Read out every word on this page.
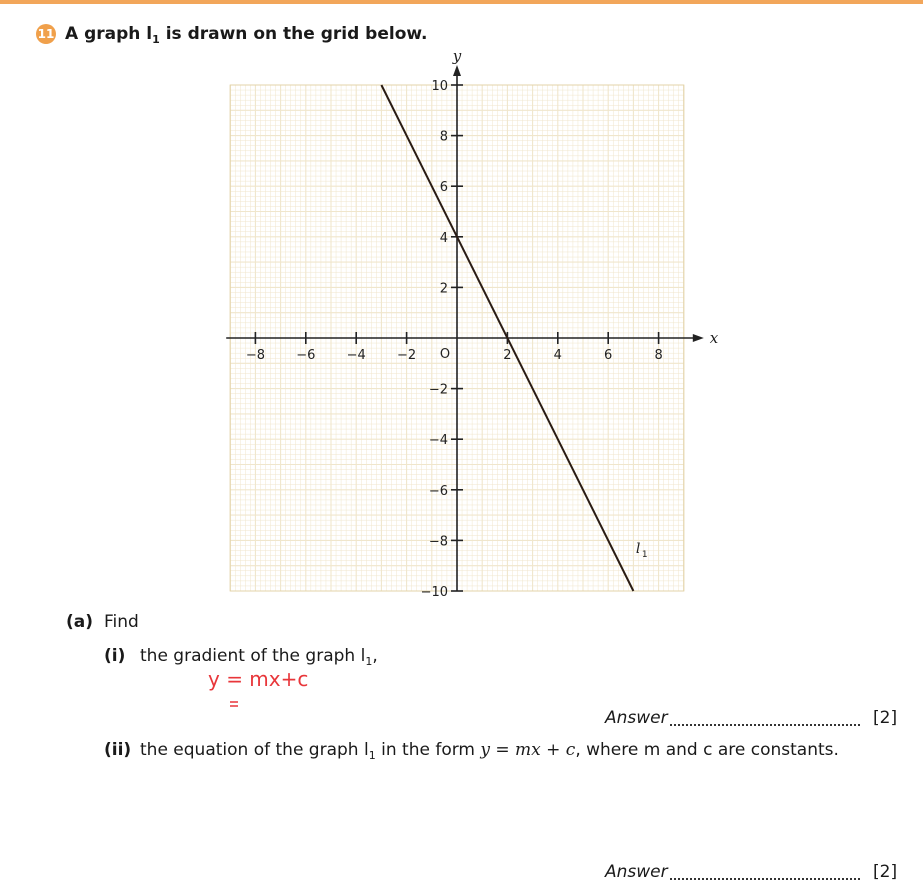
11 A graph
$l_1$
is drawn on the grid below.
−8 −6 −4 −2	2	4	6	8
10
8
6
4
2
−2
−4
−6
−8
−10
O
x
y
l 1
(a) Find
(i) the gradient of the graph $l_1$,
y = mx+c
Answer	[2]
(ii) the equation of the graph $l_1$ in the form y = mx + c, where m and c are constants.
Answer	[2]
